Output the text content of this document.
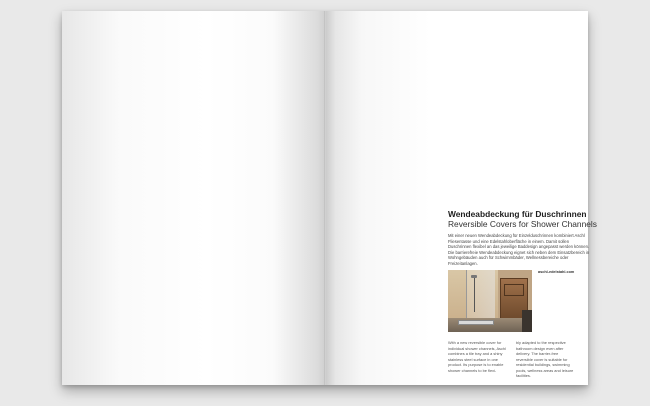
Wendeabdeckung für Duschrinnen
Reversible Covers for Shower Channels
Mit einer neuen Wendeabdeckung für Einzelduschrinnen kombiniert Aschl Fliesentasse und eine Edelstahloberfläche in einem. Damit sollen Duschrinnen flexibel an das jeweilige Baddesign angepasst werden können. Die barrierefreie Wendeabdeckung eignet sich neben dem Einsatzbereich in Wohngebäuden auch für Schwimmbäder, Wellnessbereiche oder Freizeitanlagen.
aschl-edelstahl.com
With a new reversible cover for individual shower channels, Aschl combines a tile tray and a shiny stainless steel surface in one product. Its purpose is to enable shower channels to be flexi-
bly adapted to the respective bathroom design even after delivery. The barrier-free reversible cover is suitable for residential buildings, swimming pools, wellness areas and leisure facilities.
